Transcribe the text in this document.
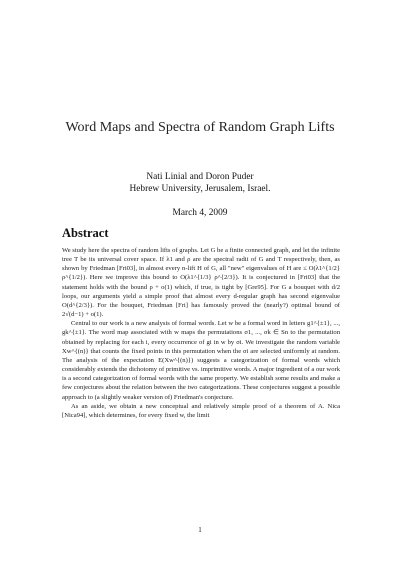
Word Maps and Spectra of Random Graph Lifts
Nati Linial and Doron Puder
Hebrew University, Jerusalem, Israel.
March 4, 2009
Abstract

We study here the spectra of random lifts of graphs. Let G be a finite connected graph, and let the infinite tree T be its universal cover space. If λ1 and ρ are the spectral radii of G and T respectively, then, as shown by Friedman [Fri03], in almost every n-lift H of G, all "new" eigenvalues of H are ≤ O(λ1^{1/2} ρ^{1/2}). Here we improve this bound to O(λ1^{1/3} ρ^{2/3}). It is conjectured in [Fri03] that the statement holds with the bound ρ + o(1) which, if true, is tight by [Gre95]. For G a bouquet with d/2 loops, our arguments yield a simple proof that almost every d-regular graph has second eigenvalue O(d^{2/3}). For the bouquet, Friedman [Fri] has famously proved the (nearly?) optimal bound of 2√(d−1) + o(1).

Central to our work is a new analysis of formal words. Let w be a formal word in letters g1^{±1}, ..., gk^{±1}. The word map associated with w maps the permutations σ1, ..., σk ∈ Sn to the permutation obtained by replacing for each i, every occurrence of gi in w by σi. We investigate the random variable Xw^{(n)} that counts the fixed points in this permutation when the σi are selected uniformly at random. The analysis of the expectation E(Xw^{(n)}) suggests a categorization of formal words which considerably extends the dichotomy of primitive vs. imprimitive words. A major ingredient of a our work is a second categorization of formal words with the same property. We establish some results and make a few conjectures about the relation between the two categorizations. These conjectures suggest a possible approach to (a slightly weaker version of) Friedman's conjecture.

As an aside, we obtain a new conceptual and relatively simple proof of a theorem of A. Nica [Nica94], which determines, for every fixed w, the limit

1
